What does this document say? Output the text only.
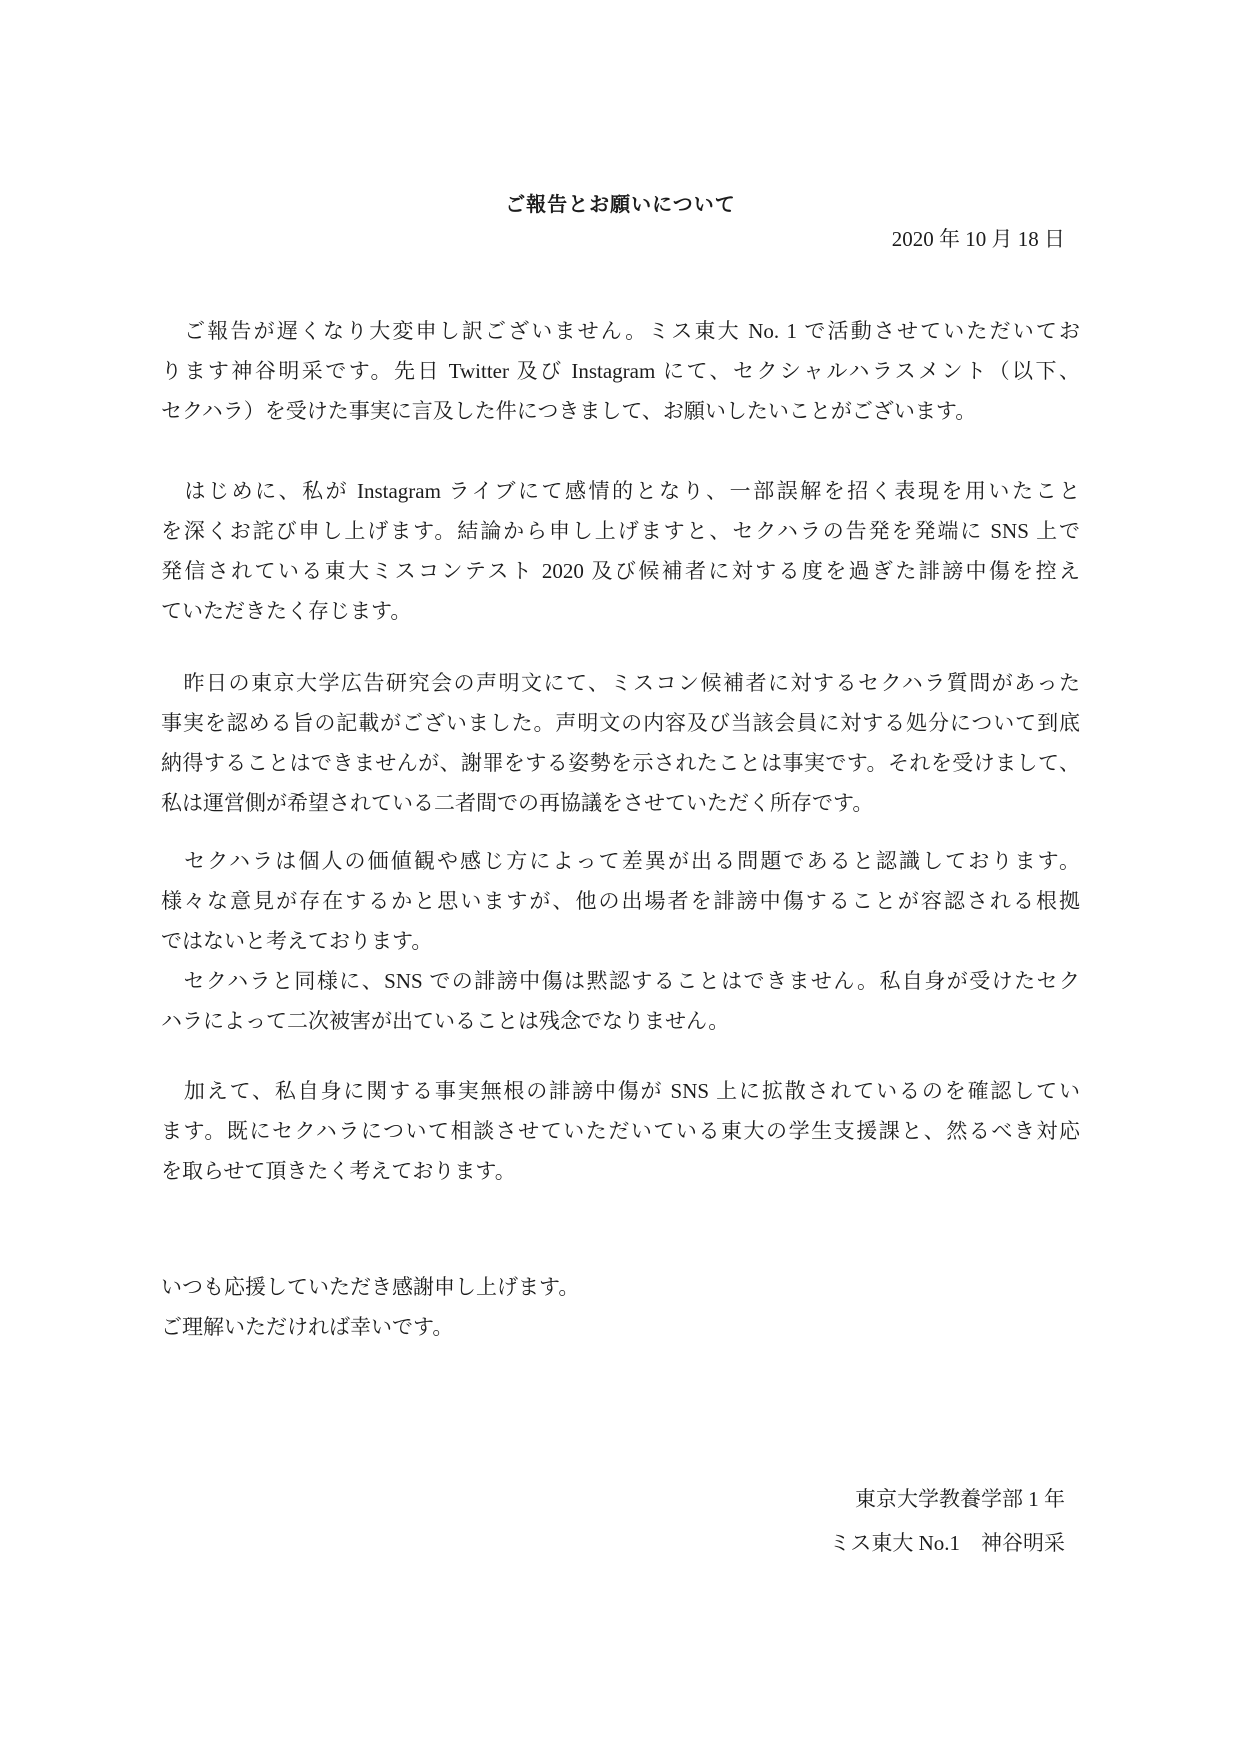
ご報告とお願いについて
2020 年 10 月 18 日
　ご報告が遅くなり大変申し訳ございません。ミス東大 No. 1 で活動させていただいてお
ります神谷明采です。先日 Twitter 及び Instagram にて、セクシャルハラスメント（以下、
セクハラ）を受けた事実に言及した件につきまして、お願いしたいことがございます。
　はじめに、私が Instagram ライブにて感情的となり、一部誤解を招く表現を用いたこと
を深くお詫び申し上げます。結論から申し上げますと、セクハラの告発を発端に SNS 上で
発信されている東大ミスコンテスト 2020 及び候補者に対する度を過ぎた誹謗中傷を控え
ていただきたく存じます。
　昨日の東京大学広告研究会の声明文にて、ミスコン候補者に対するセクハラ質問があった
事実を認める旨の記載がございました。声明文の内容及び当該会員に対する処分について到底
納得することはできませんが、謝罪をする姿勢を示されたことは事実です。それを受けまして、
私は運営側が希望されている二者間での再協議をさせていただく所存です。
　セクハラは個人の価値観や感じ方によって差異が出る問題であると認識しております。
様々な意見が存在するかと思いますが、他の出場者を誹謗中傷することが容認される根拠
ではないと考えております。
　セクハラと同様に、SNS での誹謗中傷は黙認することはできません。私自身が受けたセク
ハラによって二次被害が出ていることは残念でなりません。
　加えて、私自身に関する事実無根の誹謗中傷が SNS 上に拡散されているのを確認してい
ます。既にセクハラについて相談させていただいている東大の学生支援課と、然るべき対応
を取らせて頂きたく考えております。
いつも応援していただき感謝申し上げます。
ご理解いただければ幸いです。
東京大学教養学部 1 年
ミス東大 No.1　神谷明采
